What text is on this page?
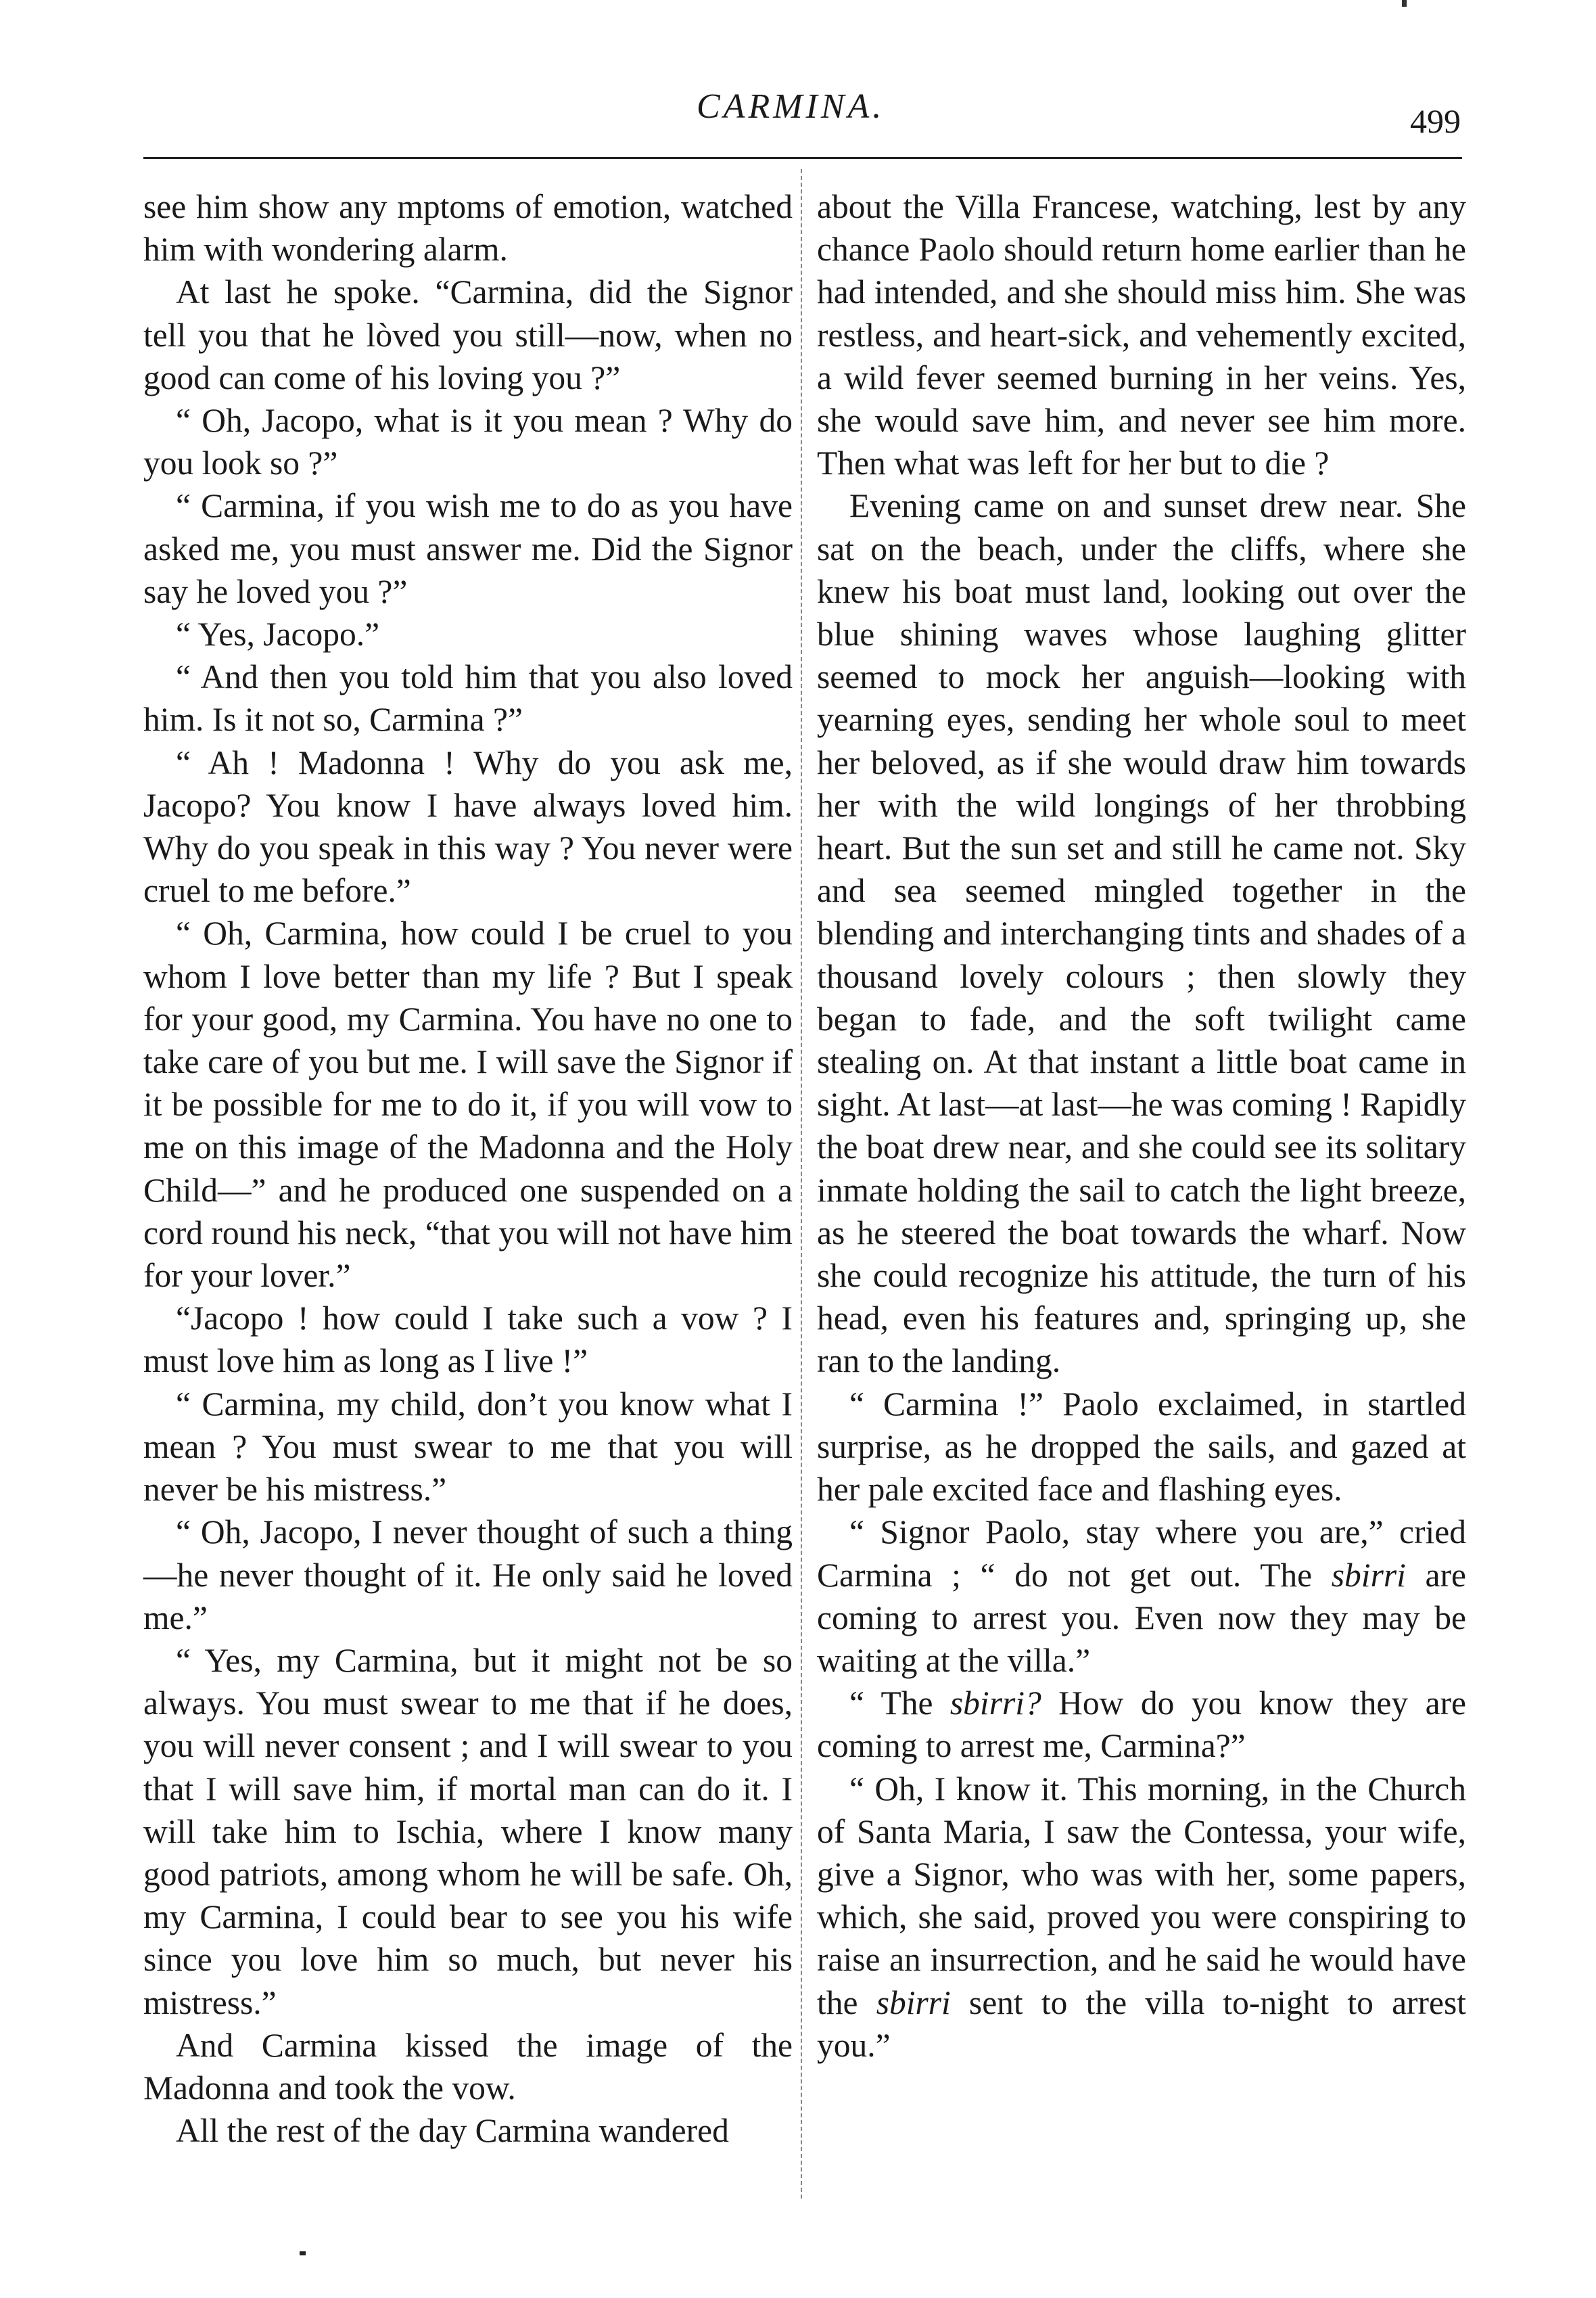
CARMINA.	499

see him show any mptoms of emotion, watched him with wondering alarm.

At last he spoke. “Carmina, did the Signor tell you that he lòved you still—now, when no good can come of his loving you ?”

“ Oh, Jacopo, what is it you mean ? Why do you look so ?”

“ Carmina, if you wish me to do as you have asked me, you must answer me. Did the Signor say he loved you ?”

“ Yes, Jacopo.”

“ And then you told him that you also loved him. Is it not so, Carmina ?”

“ Ah ! Madonna ! Why do you ask me, Jacopo? You know I have always loved him. Why do you speak in this way ? You never were cruel to me before.”

“ Oh, Carmina, how could I be cruel to you whom I love better than my life ? But I speak for your good, my Carmina. You have no one to take care of you but me. I will save the Signor if it be possible for me to do it, if you will vow to me on this image of the Madonna and the Holy Child—” and he produced one suspended on a cord round his neck, “that you will not have him for your lover.”

“Jacopo ! how could I take such a vow ? I must love him as long as I live !”

“ Carmina, my child, don’t you know what I mean ? You must swear to me that you will never be his mistress.”

“ Oh, Jacopo, I never thought of such a thing—he never thought of it. He only said he loved me.”

“ Yes, my Carmina, but it might not be so always. You must swear to me that if he does, you will never consent ; and I will swear to you that I will save him, if mortal man can do it. I will take him to Ischia, where I know many good patriots, among whom he will be safe. Oh, my Carmina, I could bear to see you his wife since you love him so much, but never his mistress.”

And Carmina kissed the image of the Madonna and took the vow.

All the rest of the day Carmina wandered

about the Villa Francese, watching, lest by any chance Paolo should return home earlier than he had intended, and she should miss him. She was restless, and heart-sick, and vehemently excited, a wild fever seemed burning in her veins. Yes, she would save him, and never see him more. Then what was left for her but to die ?

Evening came on and sunset drew near. She sat on the beach, under the cliffs, where she knew his boat must land, looking out over the blue shining waves whose laughing glitter seemed to mock her anguish—looking with yearning eyes, sending her whole soul to meet her beloved, as if she would draw him towards her with the wild longings of her throbbing heart. But the sun set and still he came not. Sky and sea seemed mingled together in the blending and interchanging tints and shades of a thousand lovely colours ; then slowly they began to fade, and the soft twilight came stealing on. At that instant a little boat came in sight. At last—at last—he was coming ! Rapidly the boat drew near, and she could see its solitary inmate holding the sail to catch the light breeze, as he steered the boat towards the wharf. Now she could recognize his attitude, the turn of his head, even his features and, springing up, she ran to the landing.

“ Carmina !” Paolo exclaimed, in startled surprise, as he dropped the sails, and gazed at her pale excited face and flashing eyes.

“ Signor Paolo, stay where you are,” cried Carmina ; “ do not get out. The sbirri are coming to arrest you. Even now they may be waiting at the villa.”

“ The sbirri? How do you know they are coming to arrest me, Carmina?”

“ Oh, I know it. This morning, in the Church of Santa Maria, I saw the Contessa, your wife, give a Signor, who was with her, some papers, which, she said, proved you were conspiring to raise an insurrection, and he said he would have the sbirri sent to the villa to-night to arrest you.”
